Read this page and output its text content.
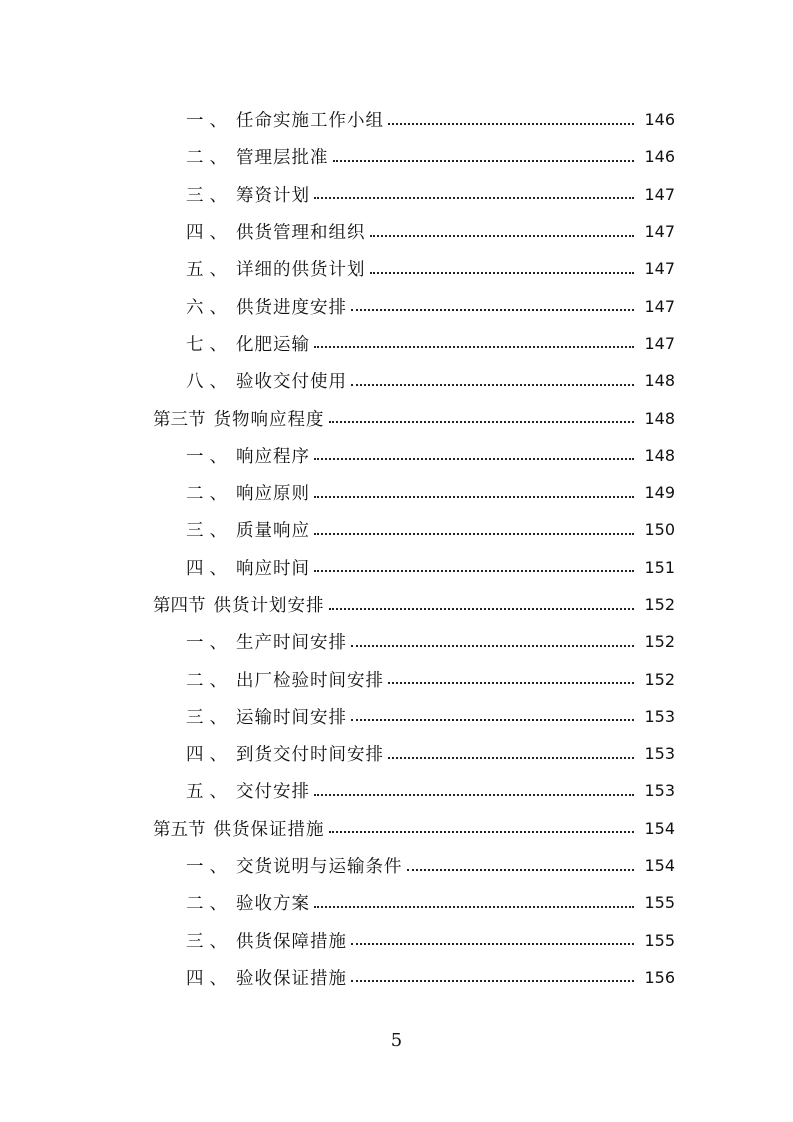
一、 任命实施工作小组	146
二、 管理层批准	146
三、 筹资计划	147
四、 供货管理和组织	147
五、 详细的供货计划	147
六、 供货进度安排	147
七、 化肥运输	147
八、 验收交付使用	148
第三节 货物响应程度	148
一、 响应程序	148
二、 响应原则	149
三、 质量响应	150
四、 响应时间	151
第四节 供货计划安排	152
一、 生产时间安排	152
二、 出厂检验时间安排	152
三、 运输时间安排	153
四、 到货交付时间安排	153
五、 交付安排	153
第五节 供货保证措施	154
一、 交货说明与运输条件	154
二、 验收方案	155
三、 供货保障措施	155
四、 验收保证措施	156
5
